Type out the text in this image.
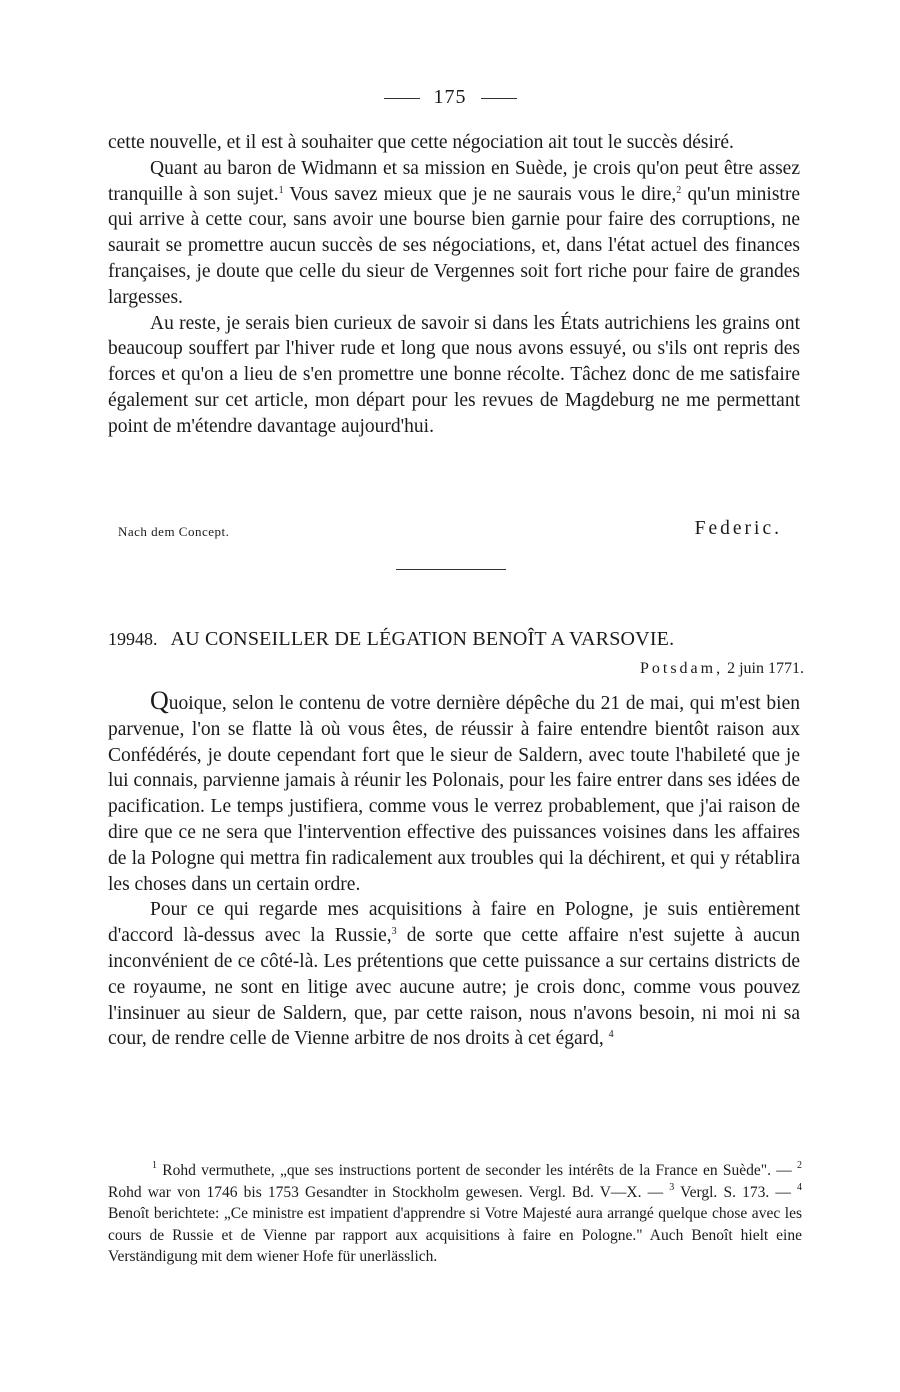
175

cette nouvelle, et il est à souhaiter que cette négociation ait tout le succès désiré.

Quant au baron de Widmann et sa mission en Suède, je crois qu'on peut être assez tranquille à son sujet.$^1$ Vous savez mieux que je ne saurais vous le dire,$^2$ qu'un ministre qui arrive à cette cour, sans avoir une bourse bien garnie pour faire des corruptions, ne saurait se promettre aucun succès de ses négociations, et, dans l'état actuel des finances françaises, je doute que celle du sieur de Vergennes soit fort riche pour faire de grandes largesses.

Au reste, je serais bien curieux de savoir si dans les États autrichiens les grains ont beaucoup souffert par l'hiver rude et long que nous avons essuyé, ou s'ils ont repris des forces et qu'on a lieu de s'en promettre une bonne récolte. Tâchez donc de me satisfaire également sur cet article, mon départ pour les revues de Magdeburg ne me permettant point de m'étendre davantage aujourd'hui.

Nach dem Concept.	Federic.
19948. AU CONSEILLER DE LÉGATION BENOÎT A VARSOVIE.
Potsdam, 2 juin 1771.

Quoique, selon le contenu de votre dernière dépêche du 21 de mai, qui m'est bien parvenue, l'on se flatte là où vous êtes, de réussir à faire entendre bientôt raison aux Confédérés, je doute cependant fort que le sieur de Saldern, avec toute l'habileté que je lui connais, parvienne jamais à réunir les Polonais, pour les faire entrer dans ses idées de pacification. Le temps justifiera, comme vous le verrez probablement, que j'ai raison de dire que ce ne sera que l'intervention effective des puissances voisines dans les affaires de la Pologne qui mettra fin radicalement aux troubles qui la déchirent, et qui y rétablira les choses dans un certain ordre.

Pour ce qui regarde mes acquisitions à faire en Pologne, je suis entièrement d'accord là-dessus avec la Russie,$^3$ de sorte que cette affaire n'est sujette à aucun inconvénient de ce côté-là. Les prétentions que cette puissance a sur certains districts de ce royaume, ne sont en litige avec aucune autre; je crois donc, comme vous pouvez l'insinuer au sieur de Saldern, que, par cette raison, nous n'avons besoin, ni moi ni sa cour, de rendre celle de Vienne arbitre de nos droits à cet égard, $^4$

$^1$ Rohd vermuthete, „que ses instructions portent de seconder les intérêts de la France en Suède". — $^2$ Rohd war von 1746 bis 1753 Gesandter in Stockholm gewesen. Vergl. Bd. V—X. — $^3$ Vergl. S. 173. — $^4$ Benoît berichtete: „Ce ministre est impatient d'apprendre si Votre Majesté aura arrangé quelque chose avec les cours de Russie et de Vienne par rapport aux acquisitions à faire en Pologne." Auch Benoît hielt eine Verständigung mit dem wiener Hofe für unerlässlich.
